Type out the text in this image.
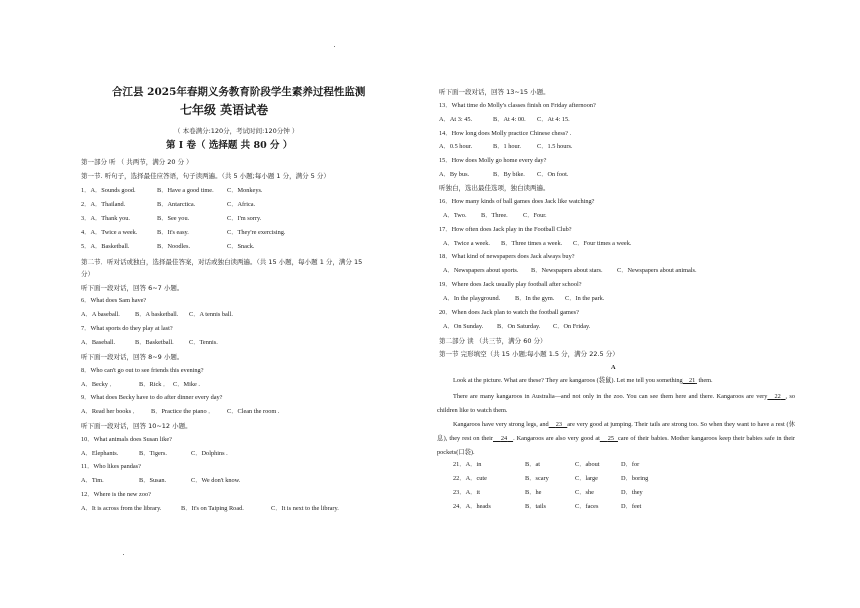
合江县 2025年春期义务教育阶段学生素养过程性监测
七年级 英语试卷
（ 本卷满分:120分，考试时间:120分钟 ）
第 I 卷（ 选择题 共 80 分 ）
第一部分 听 （ 共两节，满分 20 分 ）
第一节. 听句子，选择最佳应答语，句子读两遍。（共 5 小题;每小题 1 分，满分 5 分）
1．A．Sounds good.	B．Have a good time. C．Monkeys.
2．A．Thailand.	B．Antarctica.	C．Africa.
3．A．Thank you.	B．See you.	C．I'm sorry.
4．A．Twice a week.	B．It's easy.	C．They're exercising.
5．A．Basketball.	B．Noodles.	C．Snack.
第二节．听对话或独白，选择最佳答案，对话或独白读两遍。（共 15 小题，每小题 1 分，满分 15
分）
听下面一段对话，回答 6~7 小题。
6．What does Sam have?
A．A baseball. B．A basketball. C．A tennis ball.
7．What sports do they play at last?
A．Baseball.	B．Basketball. C．Tennis.
听下面一段对话，回答 8~9 小题。
8．Who can't go out to see friends this evening?
A．Becky ．	B．Rick ． C．Mike .
9．What does Becky have to do after dinner every day?
A．Read her books ． B．Practice the piano ． C．Clean the room .
听下面一段对话，回答 10~12 小题。
10．What animals does Susan like?
A．Elephants.	B．Tigers.	C．Dolphins .
11．Who likes pandas?
A．Tim.	B．Susan.	C．We don't know.
12．Where is the new zoo?
A．It is across from the library.	B．It's on Taiping Road.	C．It is next to the library.
听下面一段对话，回答 13~15 小题。
13．What time do Molly's classes finish on Friday afternoon?
A．At 3: 45.	B．At 4: 00. C．At 4: 15.
14．How long does Molly practice Chinese chess? .
A．0.5 hour.	B．1 hour.	C．1.5 hours.
15．How does Molly go home every day?
A．By bus.	B．By bike. C．On foot.
听独白，选出最佳选项，独白读两遍。
16．How many kinds of ball games does Jack like watching?
A．Two. B．Three. C．Four.
17．How often does Jack play in the Football Club?
A．Twice a week. B．Three times a week. C．Four times a week.
18．What kind of newspapers does Jack always buy?
A．Newspapers about sports. B．Newspapers about stars. C．Newspapers about animals.
19．Where does Jack usually play football after school?
A．In the playground. B．In the gym. C．In the park.
20．When does Jack plan to watch the football games?
A．On Sunday. B．On Saturday. C．On Friday.
第二部分 读 （共三节，满分 60 分）
第一节 完形填空（共 15 小题;每小题 1.5 分，满分 22.5 分）
A
Look at the picture. What are these? They are kangaroos (袋鼠). Let me tell you something 21  them.
There are many kangaroos in Australia—and not only in the zoo. You can see them here and there. Kangaroos are very 22 , so children like to watch them.
Kangaroos have very strong legs, and 23 are very good at jumping. Their tails are strong too. So when they want to have a rest (休息), they rest on their 24 . Kangaroos are also very good at 25 care of their babies. Mother kangaroos keep their babies safe in their pockets(口袋).
21．A．in	B．at	C．about	D．for
22．A．cute	B．scary	C．large	D．boring
23．A．it	B．he	C．she	D．they
24．A．heads	B．tails	C．faces	D．feet
